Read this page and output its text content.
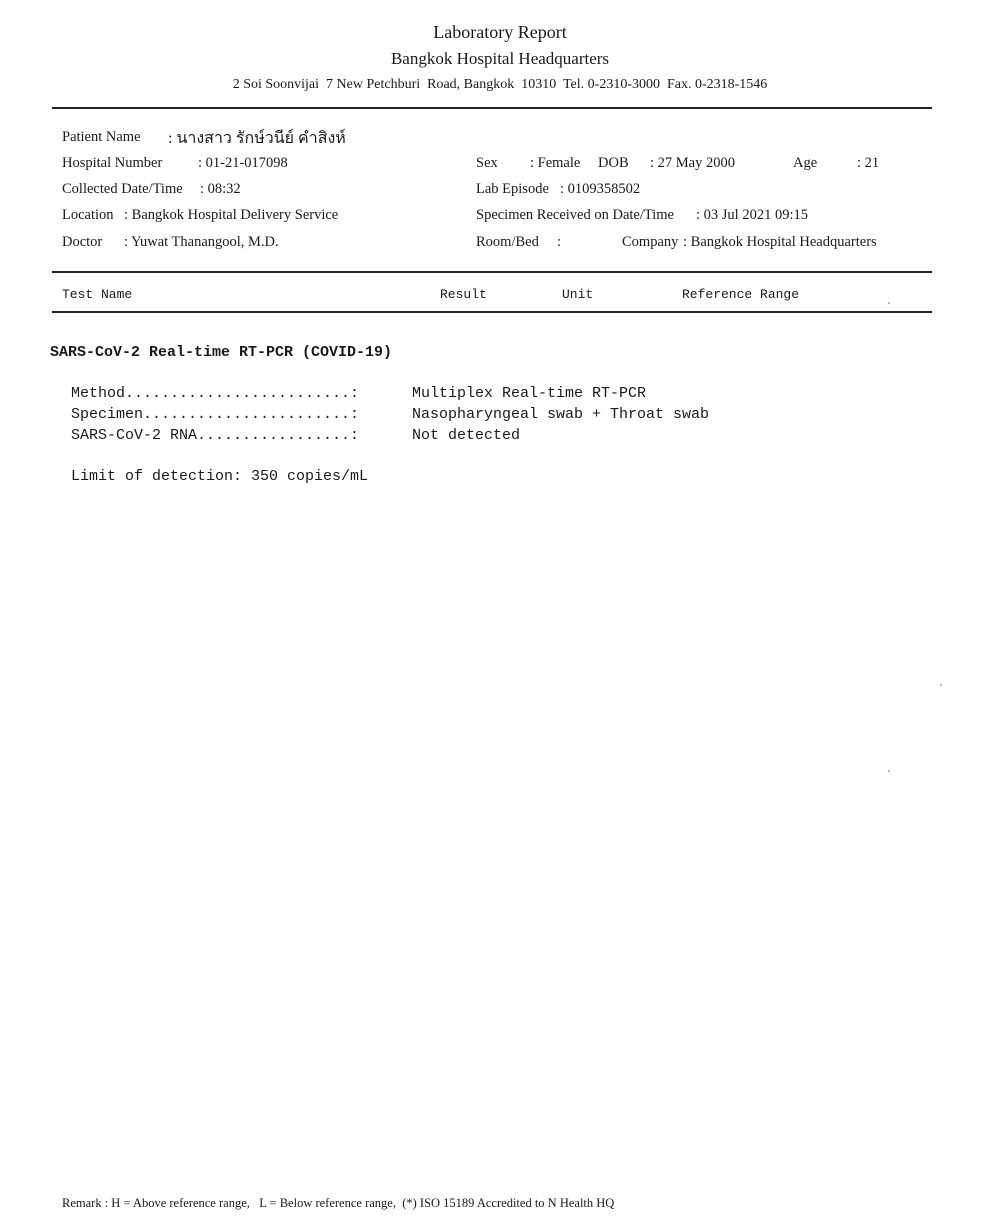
Laboratory Report
Bangkok Hospital Headquarters
2 Soi Soonvijai  7 New Petchburi  Road, Bangkok  10310  Tel. 0-2310-3000  Fax. 0-2318-1546
Patient Name : นางสาว รักษ์วนีย์ คำสิงห์
Hospital Number : 01-21-017098
Collected Date/Time : 08:32
Location : Bangkok Hospital Delivery Service
Doctor : Yuwat Thanangool, M.D.
Sex : Female DOB : 27 May 2000	Age	: 21
Lab Episode : 0109358502
Specimen Received on Date/Time : 03 Jul 2021 09:15
Room/Bed :	Company : Bangkok Hospital Headquarters
Test Name	Result	Unit	Reference Range
SARS-CoV-2 Real-time RT-PCR (COVID-19)
Method.........................:	Multiplex Real-time RT-PCR
Specimen.......................:	Nasopharyngeal swab + Throat swab
SARS-CoV-2 RNA.................:	Not detected
Limit of detection: 350 copies/mL
Remark : H = Above reference range,   L = Below reference range,  (*) ISO 15189 Accredited to N Health HQ
